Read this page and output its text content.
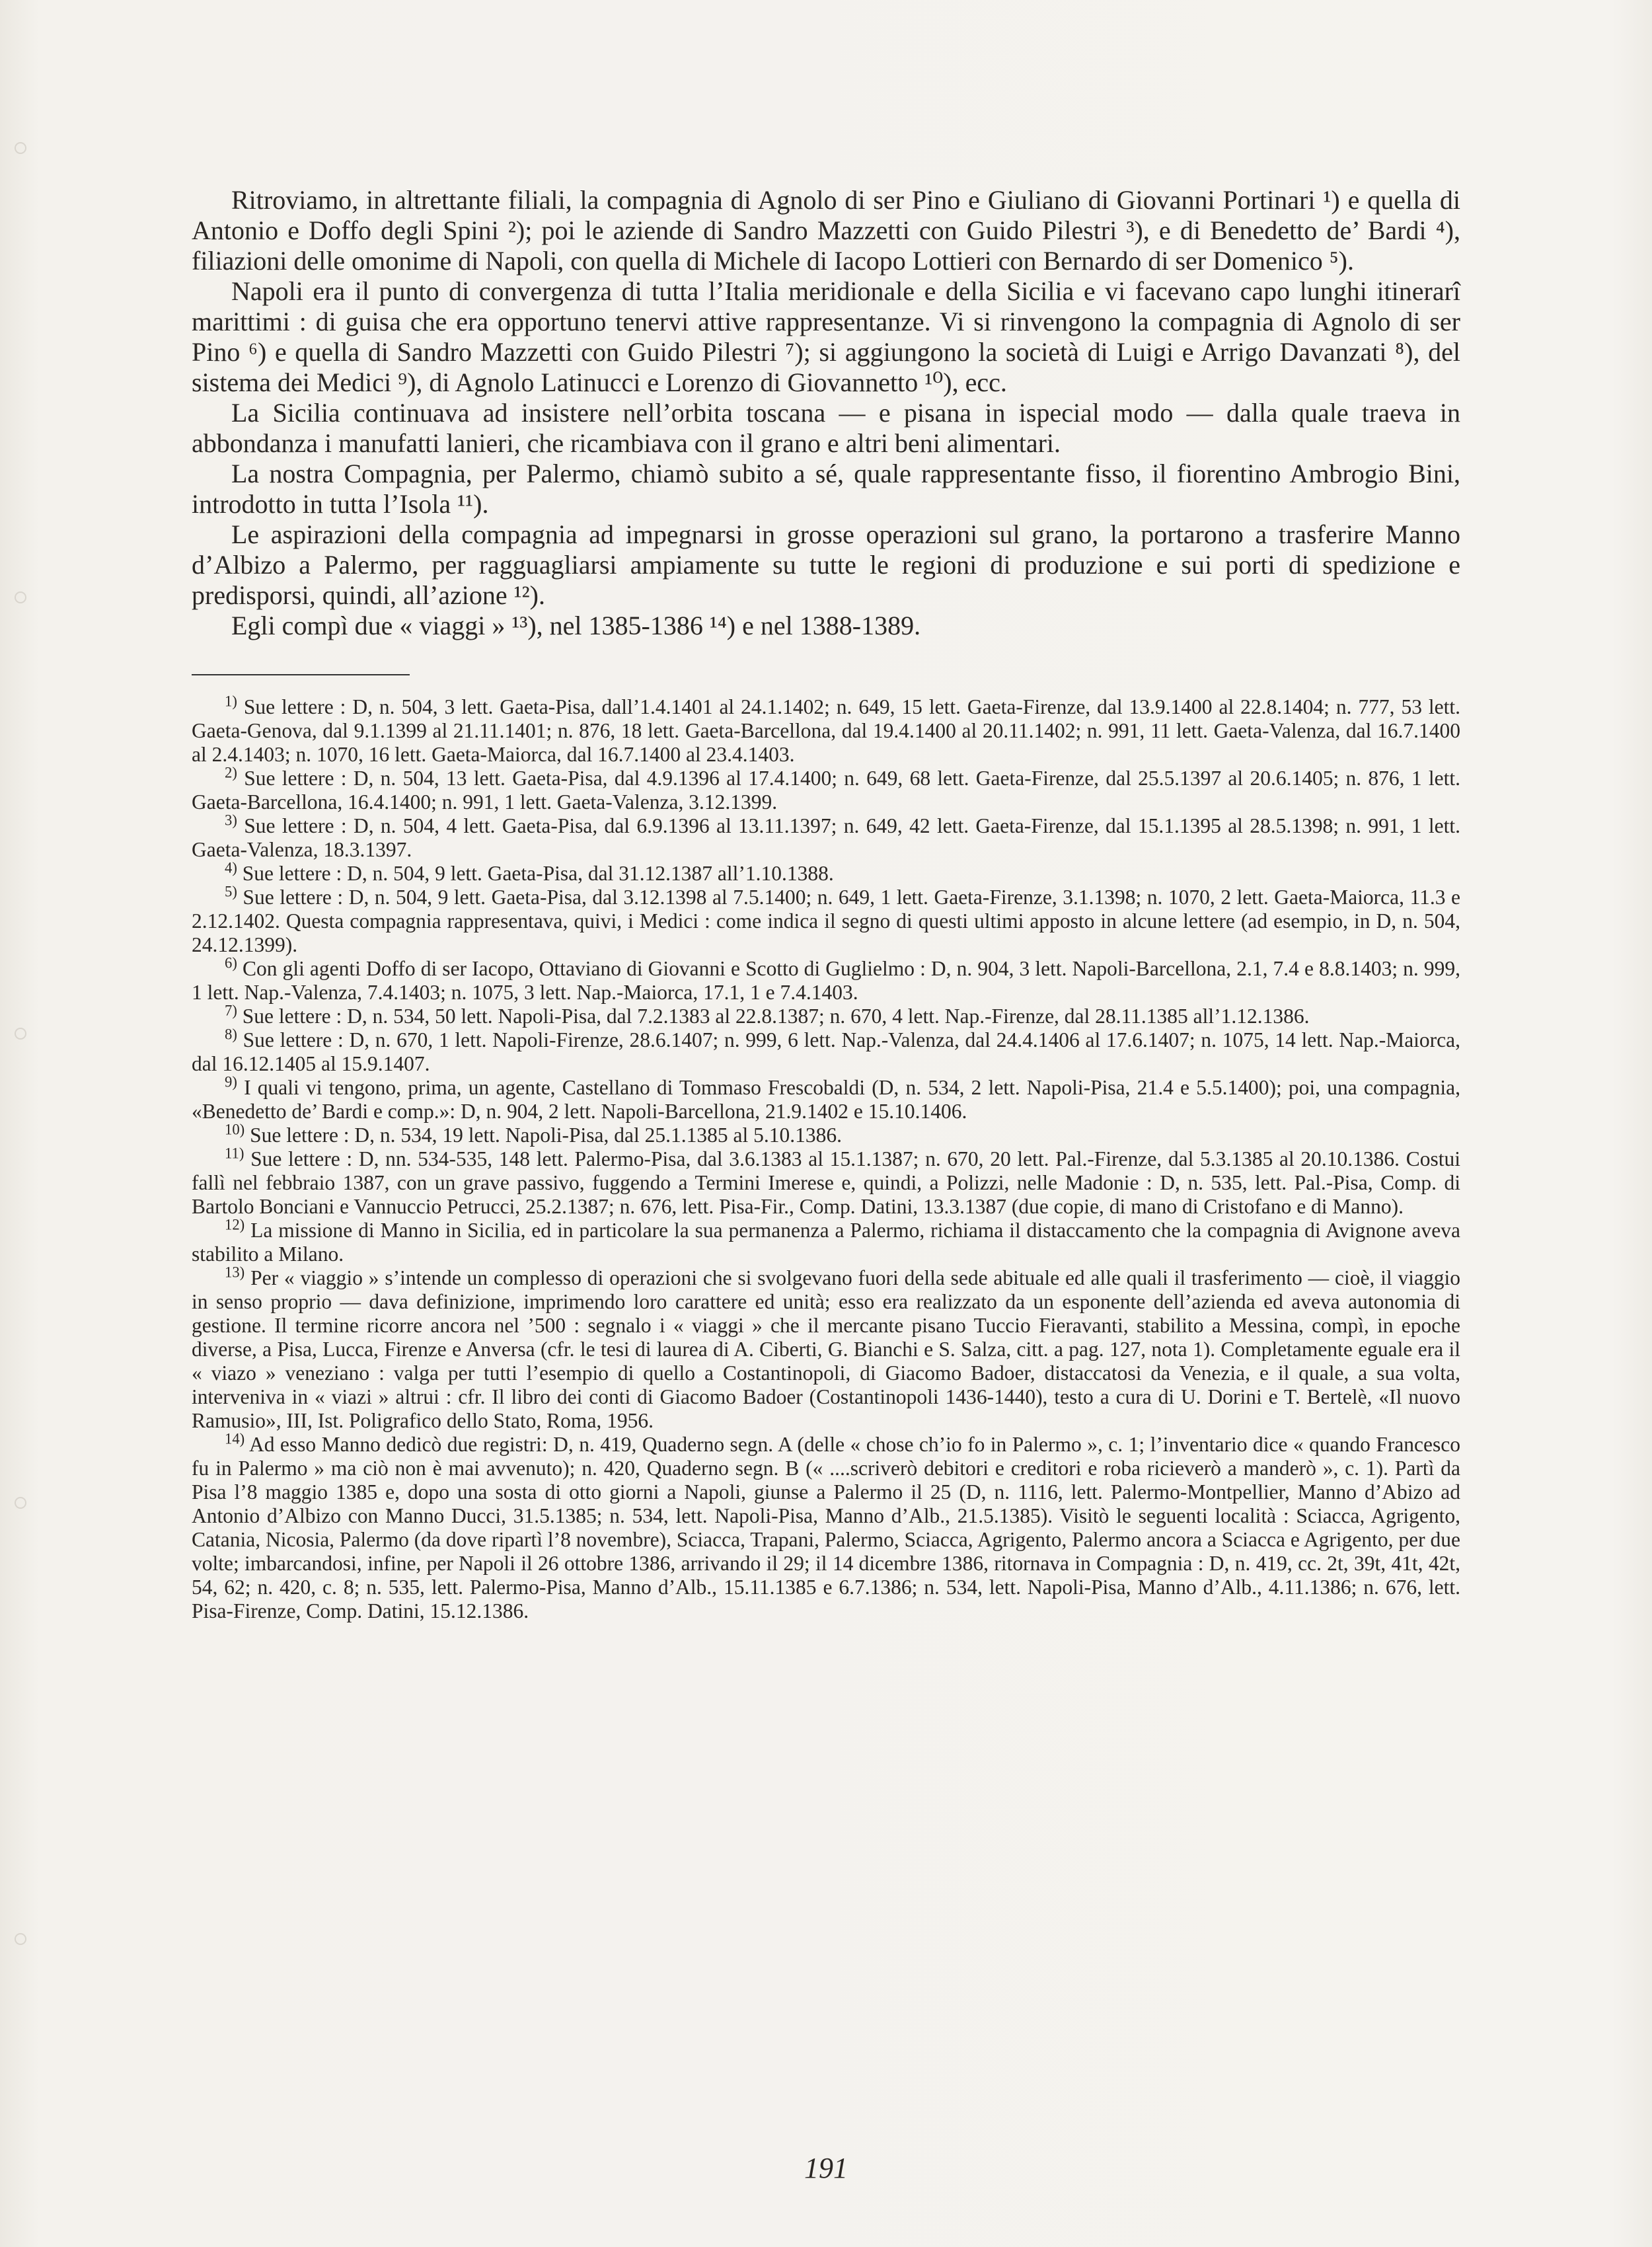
Ritroviamo, in altrettante filiali, la compagnia di Agnolo di ser Pino e Giuliano di Giovanni Portinari ¹) e quella di Antonio e Doffo degli Spini ²); poi le aziende di Sandro Mazzetti con Guido Pilestri ³), e di Benedetto de’ Bardi ⁴), filiazioni delle omonime di Napoli, con quella di Michele di Iacopo Lottieri con Bernardo di ser Domenico ⁵).

Napoli era il punto di convergenza di tutta l’Italia meridionale e della Sicilia e vi facevano capo lunghi itinerarî marittimi : di guisa che era opportuno tenervi attive rappresentanze. Vi si rinvengono la compagnia di Agnolo di ser Pino ⁶) e quella di Sandro Mazzetti con Guido Pilestri ⁷); si aggiungono la società di Luigi e Arrigo Davanzati ⁸), del sistema dei Medici ⁹), di Agnolo Latinucci e Lorenzo di Giovannetto ¹⁰), ecc.

La Sicilia continuava ad insistere nell’orbita toscana — e pisana in ispecial modo — dalla quale traeva in abbondanza i manufatti lanieri, che ricambiava con il grano e altri beni alimentari.

La nostra Compagnia, per Palermo, chiamò subito a sé, quale rappresentante fisso, il fiorentino Ambrogio Bini, introdotto in tutta l’Isola ¹¹).

Le aspirazioni della compagnia ad impegnarsi in grosse operazioni sul grano, la portarono a trasferire Manno d’Albizo a Palermo, per ragguagliarsi ampiamente su tutte le regioni di produzione e sui porti di spedizione e predisporsi, quindi, all’azione ¹²).

Egli compì due « viaggi » ¹³), nel 1385-1386 ¹⁴) e nel 1388-1389.

$^{1)}$ Sue lettere : D, n. 504, 3 lett. Gaeta-Pisa, dall’1.4.1401 al 24.1.1402; n. 649, 15 lett. Gaeta-Firenze, dal 13.9.1400 al 22.8.1404; n. 777, 53 lett. Gaeta-Genova, dal 9.1.1399 al 21.11.1401; n. 876, 18 lett. Gaeta-Barcellona, dal 19.4.1400 al 20.11.1402; n. 991, 11 lett. Gaeta-Valenza, dal 16.7.1400 al 2.4.1403; n. 1070, 16 lett. Gaeta-Maiorca, dal 16.7.1400 al 23.4.1403.

$^{2)}$ Sue lettere : D, n. 504, 13 lett. Gaeta-Pisa, dal 4.9.1396 al 17.4.1400; n. 649, 68 lett. Gaeta-Firenze, dal 25.5.1397 al 20.6.1405; n. 876, 1 lett. Gaeta-Barcellona, 16.4.1400; n. 991, 1 lett. Gaeta-Valenza, 3.12.1399.

$^{3)}$ Sue lettere : D, n. 504, 4 lett. Gaeta-Pisa, dal 6.9.1396 al 13.11.1397; n. 649, 42 lett. Gaeta-Firenze, dal 15.1.1395 al 28.5.1398; n. 991, 1 lett. Gaeta-Valenza, 18.3.1397.

$^{4)}$ Sue lettere : D, n. 504, 9 lett. Gaeta-Pisa, dal 31.12.1387 all’1.10.1388.

$^{5)}$ Sue lettere : D, n. 504, 9 lett. Gaeta-Pisa, dal 3.12.1398 al 7.5.1400; n. 649, 1 lett. Gaeta-Firenze, 3.1.1398; n. 1070, 2 lett. Gaeta-Maiorca, 11.3 e 2.12.1402. Questa compagnia rappresentava, quivi, i Medici : come indica il segno di questi ultimi apposto in alcune lettere (ad esempio, in D, n. 504, 24.12.1399).

$^{6)}$ Con gli agenti Doffo di ser Iacopo, Ottaviano di Giovanni e Scotto di Guglielmo : D, n. 904, 3 lett. Napoli-Barcellona, 2.1, 7.4 e 8.8.1403; n. 999, 1 lett. Nap.-Valenza, 7.4.1403; n. 1075, 3 lett. Nap.-Maiorca, 17.1, 1 e 7.4.1403.

$^{7)}$ Sue lettere : D, n. 534, 50 lett. Napoli-Pisa, dal 7.2.1383 al 22.8.1387; n. 670, 4 lett. Nap.-Firenze, dal 28.11.1385 all’1.12.1386.

$^{8)}$ Sue lettere : D, n. 670, 1 lett. Napoli-Firenze, 28.6.1407; n. 999, 6 lett. Nap.-Valenza, dal 24.4.1406 al 17.6.1407; n. 1075, 14 lett. Nap.-Maiorca, dal 16.12.1405 al 15.9.1407.

$^{9)}$ I quali vi tengono, prima, un agente, Castellano di Tommaso Frescobaldi (D, n. 534, 2 lett. Napoli-Pisa, 21.4 e 5.5.1400); poi, una compagnia, «Benedetto de’ Bardi e comp.»: D, n. 904, 2 lett. Napoli-Barcellona, 21.9.1402 e 15.10.1406.

$^{10)}$ Sue lettere : D, n. 534, 19 lett. Napoli-Pisa, dal 25.1.1385 al 5.10.1386.

$^{11)}$ Sue lettere : D, nn. 534-535, 148 lett. Palermo-Pisa, dal 3.6.1383 al 15.1.1387; n. 670, 20 lett. Pal.-Firenze, dal 5.3.1385 al 20.10.1386. Costui fallì nel febbraio 1387, con un grave passivo, fuggendo a Termini Imerese e, quindi, a Polizzi, nelle Madonie : D, n. 535, lett. Pal.-Pisa, Comp. di Bartolo Bonciani e Vannuccio Petrucci, 25.2.1387; n. 676, lett. Pisa-Fir., Comp. Datini, 13.3.1387 (due copie, di mano di Cristofano e di Manno).

$^{12)}$ La missione di Manno in Sicilia, ed in particolare la sua permanenza a Palermo, richiama il distaccamento che la compagnia di Avignone aveva stabilito a Milano.

$^{13)}$ Per « viaggio » s’intende un complesso di operazioni che si svolgevano fuori della sede abituale ed alle quali il trasferimento — cioè, il viaggio in senso proprio — dava definizione, imprimendo loro carattere ed unità; esso era realizzato da un esponente dell’azienda ed aveva autonomia di gestione. Il termine ricorre ancora nel ’500 : segnalo i « viaggi » che il mercante pisano Tuccio Fieravanti, stabilito a Messina, compì, in epoche diverse, a Pisa, Lucca, Firenze e Anversa (cfr. le tesi di laurea di A. Ciberti, G. Bianchi e S. Salza, citt. a pag. 127, nota 1). Completamente eguale era il « viazo » veneziano : valga per tutti l’esempio di quello a Costantinopoli, di Giacomo Badoer, distaccatosi da Venezia, e il quale, a sua volta, interveniva in « viazi » altrui : cfr. Il libro dei conti di Giacomo Badoer (Costantinopoli 1436-1440), testo a cura di U. Dorini e T. Bertelè, «Il nuovo Ramusio», III, Ist. Poligrafico dello Stato, Roma, 1956.

$^{14)}$ Ad esso Manno dedicò due registri: D, n. 419, Quaderno segn. A (delle « chose ch’io fo in Palermo », c. 1; l’inventario dice « quando Francesco fu in Palermo » ma ciò non è mai avvenuto); n. 420, Quaderno segn. B (« ....scriverò debitori e creditori e roba ricieverò a manderò », c. 1). Partì da Pisa l’8 maggio 1385 e, dopo una sosta di otto giorni a Napoli, giunse a Palermo il 25 (D, n. 1116, lett. Palermo-Montpellier, Manno d’Abizo ad Antonio d’Albizo con Manno Ducci, 31.5.1385; n. 534, lett. Napoli-Pisa, Manno d’Alb., 21.5.1385). Visitò le seguenti località : Sciacca, Agrigento, Catania, Nicosia, Palermo (da dove ripartì l’8 novembre), Sciacca, Trapani, Palermo, Sciacca, Agrigento, Palermo ancora a Sciacca e Agrigento, per due volte; imbarcandosi, infine, per Napoli il 26 ottobre 1386, arrivando il 29; il 14 dicembre 1386, ritornava in Compagnia : D, n. 419, cc. 2t, 39t, 41t, 42t, 54, 62; n. 420, c. 8; n. 535, lett. Palermo-Pisa, Manno d’Alb., 15.11.1385 e 6.7.1386; n. 534, lett. Napoli-Pisa, Manno d’Alb., 4.11.1386; n. 676, lett. Pisa-Firenze, Comp. Datini, 15.12.1386.

191
